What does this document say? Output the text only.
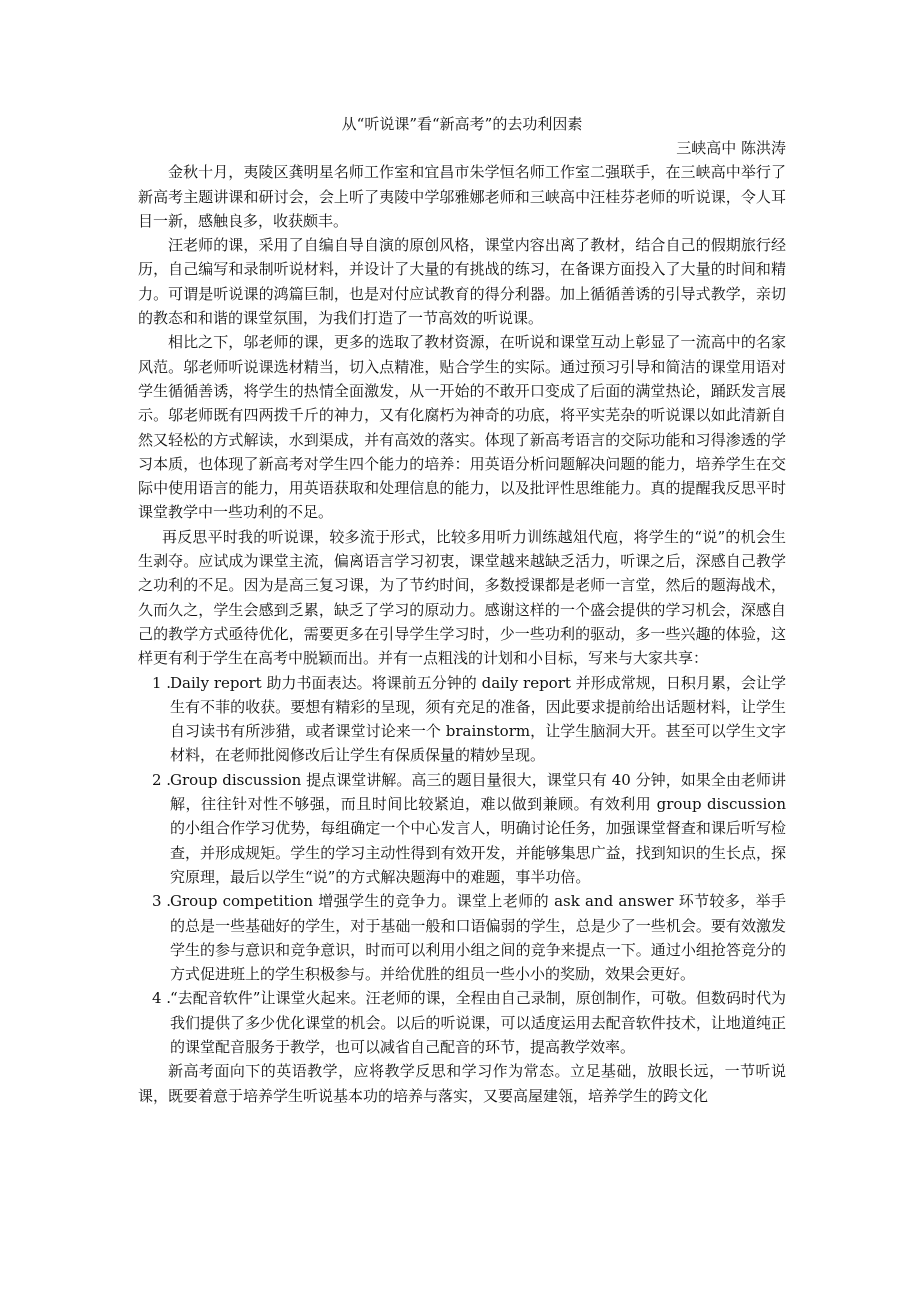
从“听说课”看“新高考”的去功利因素

三峡高中 陈洪涛

金秋十月，夷陵区龚明星名师工作室和宜昌市朱学恒名师工作室二强联手，在三峡高中举行了新高考主题讲课和研讨会，会上听了夷陵中学邬雅娜老师和三峡高中汪桂芬老师的听说课，令人耳目一新，感触良多，收获颇丰。

汪老师的课，采用了自编自导自演的原创风格，课堂内容出离了教材，结合自己的假期旅行经历，自己编写和录制听说材料，并设计了大量的有挑战的练习，在备课方面投入了大量的时间和精力。可谓是听说课的鸿篇巨制，也是对付应试教育的得分利器。加上循循善诱的引导式教学，亲切的教态和和谐的课堂氛围，为我们打造了一节高效的听说课。

相比之下，邬老师的课，更多的选取了教材资源，在听说和课堂互动上彰显了一流高中的名家风范。邬老师听说课选材精当，切入点精准，贴合学生的实际。通过预习引导和简洁的课堂用语对学生循循善诱，将学生的热情全面激发，从一开始的不敢开口变成了后面的满堂热论，踊跃发言展示。邬老师既有四两拨千斤的神力，又有化腐朽为神奇的功底，将平实芜杂的听说课以如此清新自然又轻松的方式解读，水到渠成，并有高效的落实。体现了新高考语言的交际功能和习得渗透的学习本质，也体现了新高考对学生四个能力的培养：用英语分析问题解决问题的能力，培养学生在交际中使用语言的能力，用英语获取和处理信息的能力，以及批评性思维能力。真的提醒我反思平时课堂教学中一些功利的不足。

再反思平时我的听说课，较多流于形式，比较多用听力训练越俎代庖，将学生的“说”的机会生生剥夺。应试成为课堂主流，偏离语言学习初衷，课堂越来越缺乏活力，听课之后，深感自己教学之功利的不足。因为是高三复习课，为了节约时间，多数授课都是老师一言堂，然后的题海战术，久而久之，学生会感到乏累，缺乏了学习的原动力。感谢这样的一个盛会提供的学习机会，深感自己的教学方式亟待优化，需要更多在引导学生学习时，少一些功利的驱动，多一些兴趣的体验，这样更有利于学生在高考中脱颖而出。并有一点粗浅的计划和小目标，写来与大家共享：

1 .
Daily report 助力书面表达。将课前五分钟的 daily report 并形成常规，日积月累，会让学生有不菲的收获。要想有精彩的呈现，须有充足的准备，因此要求提前给出话题材料，让学生自习读书有所涉猎，或者课堂讨论来一个 brainstorm，让学生脑洞大开。甚至可以学生文字材料，在老师批阅修改后让学生有保质保量的精妙呈现。
2 .
Group discussion 提点课堂讲解。高三的题目量很大，课堂只有 40 分钟，如果全由老师讲解，往往针对性不够强，而且时间比较紧迫，难以做到兼顾。有效利用 group discussion 的小组合作学习优势，每组确定一个中心发言人，明确讨论任务，加强课堂督查和课后听写检查，并形成规矩。学生的学习主动性得到有效开发，并能够集思广益，找到知识的生长点，探究原理，最后以学生“说”的方式解决题海中的难题，事半功倍。
3 .
Group competition 增强学生的竞争力。课堂上老师的 ask and answer 环节较多，举手的总是一些基础好的学生，对于基础一般和口语偏弱的学生，总是少了一些机会。要有效激发学生的参与意识和竞争意识，时而可以利用小组之间的竞争来提点一下。通过小组抢答竞分的方式促进班上的学生积极参与。并给优胜的组员一些小小的奖励，效果会更好。
4 .
“去配音软件”让课堂火起来。汪老师的课，全程由自己录制，原创制作，可敬。但数码时代为我们提供了多少优化课堂的机会。以后的听说课，可以适度运用去配音软件技术，让地道纯正的课堂配音服务于教学，也可以减省自己配音的环节，提高教学效率。

新高考面向下的英语教学，应将教学反思和学习作为常态。立足基础，放眼长远，一节听说课，既要着意于培养学生听说基本功的培养与落实，又要高屋建瓴，培养学生的跨文化
